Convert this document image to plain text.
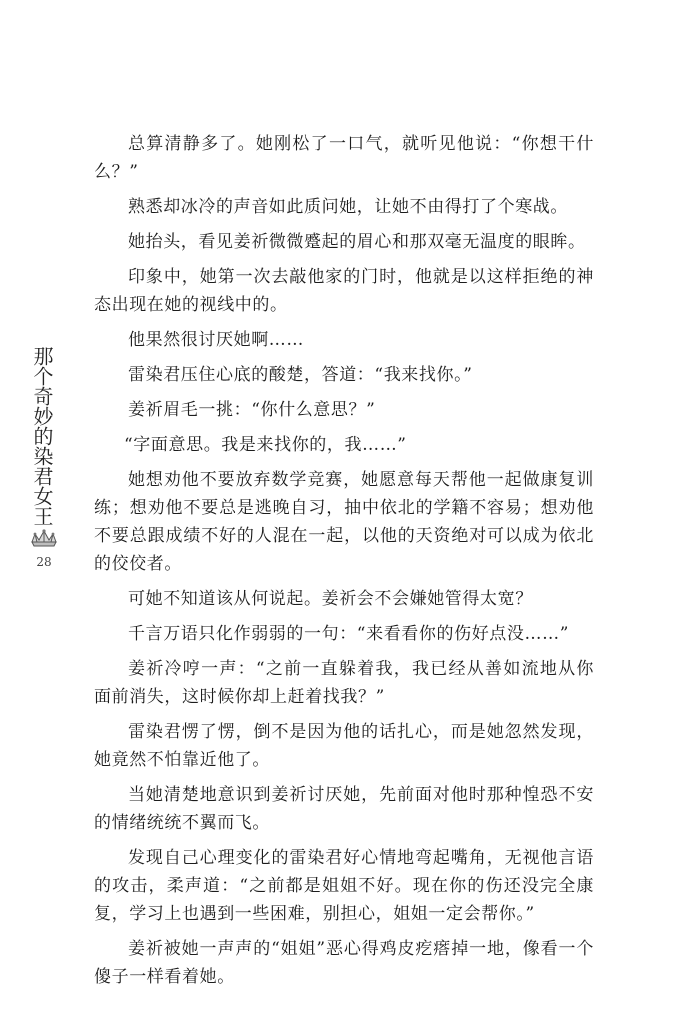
那个奇妙的染君女王
28

总算清静多了。她刚松了一口气，就听见他说：“你想干什么？”

熟悉却冰冷的声音如此质问她，让她不由得打了个寒战。

她抬头，看见姜祈微微蹙起的眉心和那双毫无温度的眼眸。

印象中，她第一次去敲他家的门时，他就是以这样拒绝的神态出现在她的视线中的。

他果然很讨厌她啊……

雷染君压住心底的酸楚，答道：“我来找你。”

姜祈眉毛一挑：“你什么意思？”

“字面意思。我是来找你的，我……”

她想劝他不要放弃数学竞赛，她愿意每天帮他一起做康复训练；想劝他不要总是逃晚自习，抽中依北的学籍不容易；想劝他不要总跟成绩不好的人混在一起，以他的天资绝对可以成为依北的佼佼者。

可她不知道该从何说起。姜祈会不会嫌她管得太宽？

千言万语只化作弱弱的一句：“来看看你的伤好点没……”

姜祈冷哼一声：“之前一直躲着我，我已经从善如流地从你面前消失，这时候你却上赶着找我？”

雷染君愣了愣，倒不是因为他的话扎心，而是她忽然发现，她竟然不怕靠近他了。

当她清楚地意识到姜祈讨厌她，先前面对他时那种惶恐不安的情绪统统不翼而飞。

发现自己心理变化的雷染君好心情地弯起嘴角，无视他言语的攻击，柔声道：“之前都是姐姐不好。现在你的伤还没完全康复，学习上也遇到一些困难，别担心，姐姐一定会帮你。”

姜祈被她一声声的“姐姐”恶心得鸡皮疙瘩掉一地，像看一个傻子一样看着她。
